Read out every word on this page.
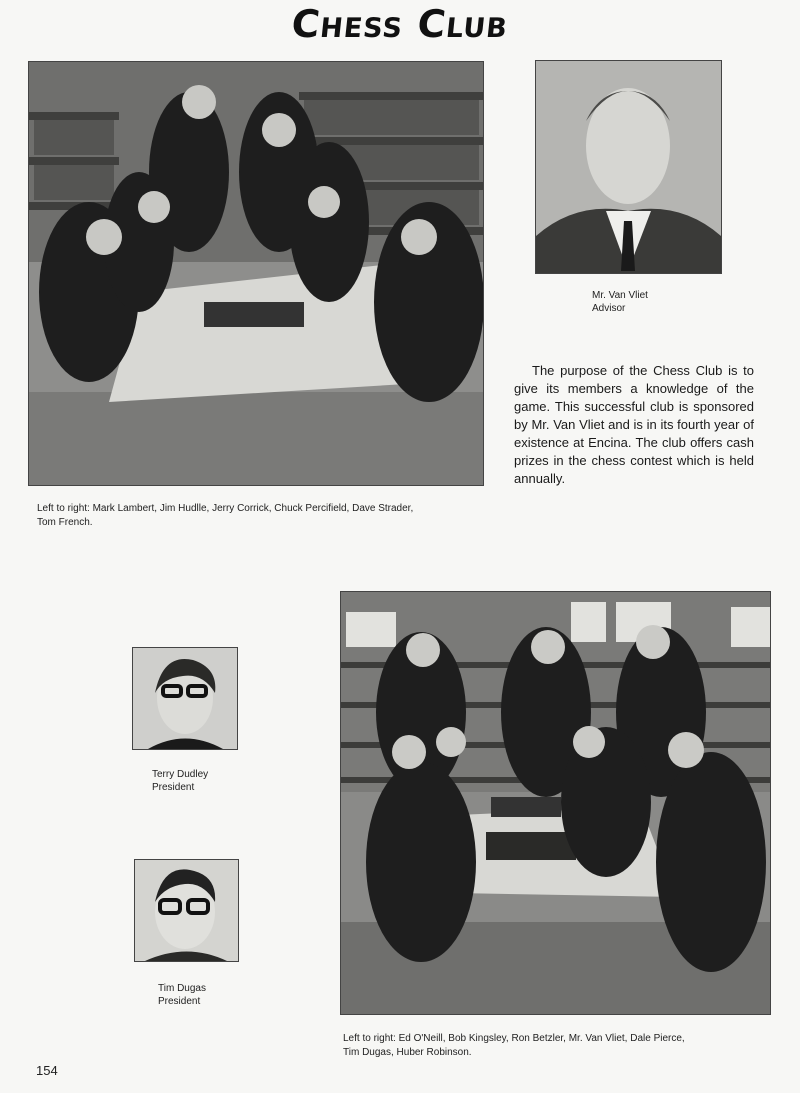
Chess Club
Left to right: Mark Lambert, Jim Hudlle, Jerry Corrick, Chuck Percifield, Dave Strader,
Tom French.
Mr. Van Vliet
Advisor
The purpose of the Chess Club is to give its members a knowledge of the game. This successful club is sponsored by Mr. Van Vliet and is in its fourth year of existence at Encina. The club offers cash prizes in the chess contest which is held annually.
Terry Dudley
President
Tim Dugas
President
Left to right: Ed O'Neill, Bob Kingsley, Ron Betzler, Mr. Van Vliet, Dale Pierce,
Tim Dugas, Huber Robinson.
154
